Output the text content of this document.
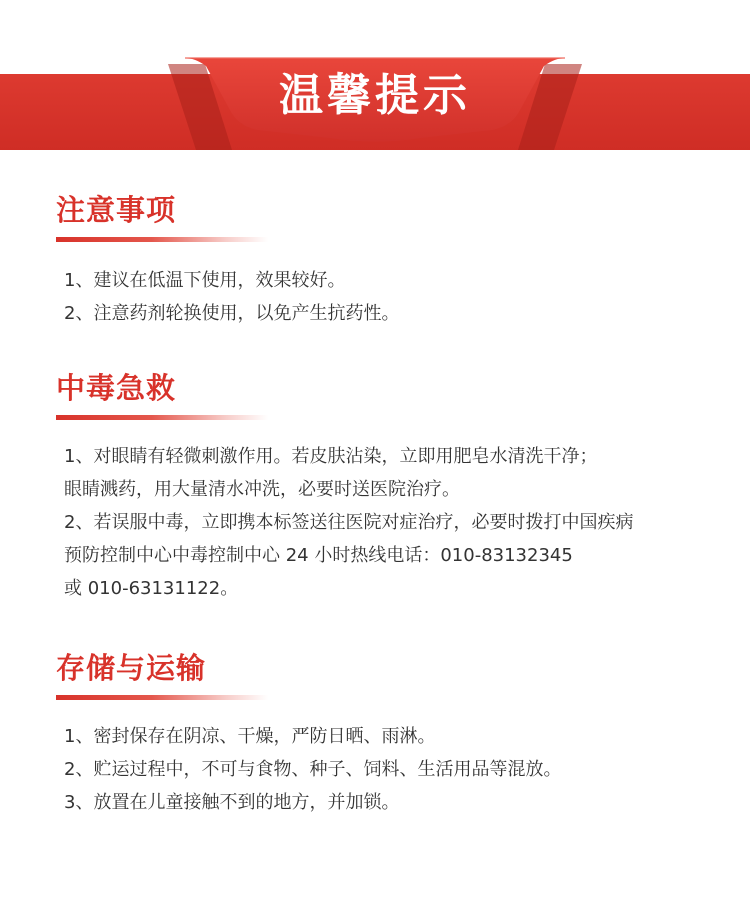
温馨提示
注意事项
1、建议在低温下使用，效果较好。
2、注意药剂轮换使用，以免产生抗药性。
中毒急救
1、对眼睛有轻微刺激作用。若皮肤沾染，立即用肥皂水清洗干净；
眼睛溅药，用大量清水冲洗，必要时送医院治疗。
2、若误服中毒，立即携本标签送往医院对症治疗，必要时拨打中国疾病
预防控制中心中毒控制中心 24 小时热线电话：010-83132345
或 010-63131122。
存储与运输
1、密封保存在阴凉、干燥，严防日晒、雨淋。
2、贮运过程中，不可与食物、种子、饲料、生活用品等混放。
3、放置在儿童接触不到的地方，并加锁。
